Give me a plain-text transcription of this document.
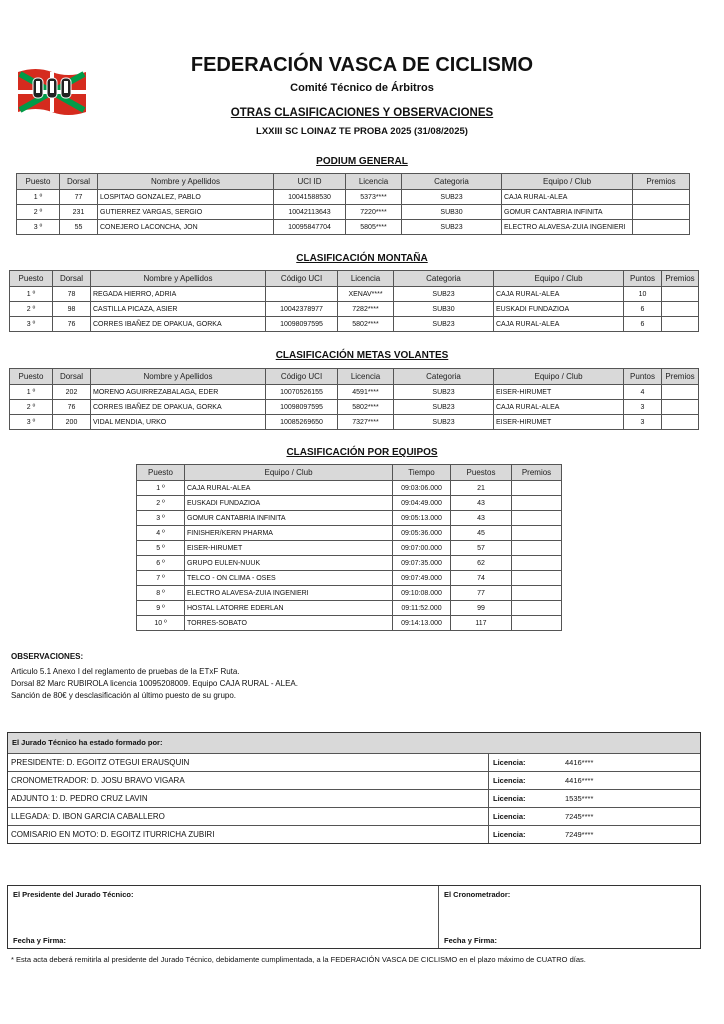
FEDERACIÓN VASCA DE CICLISMO
Comité Técnico de Árbitros
OTRAS CLASIFICACIONES Y OBSERVACIONES
LXXIII SC LOINAZ TE PROBA 2025 (31/08/2025)
PODIUM GENERAL
Puesto	Dorsal	Nombre y Apellidos	UCI ID	Licencia	Categoria	Equipo / Club	Premios
1 º	77	LOSPITAO GONZALEZ, PABLO	10041588530	5373****	SUB23	CAJA RURAL-ALEA	
2 º	231	GUTIERREZ VARGAS, SERGIO	10042113643	7220****	SUB30	GOMUR CANTABRIA INFINITA	
3 º	55	CONEJERO LACONCHA, JON	10095847704	5805****	SUB23	ELECTRO ALAVESA-ZUIA INGENIERI	
CLASIFICACIÓN MONTAÑA
Puesto	Dorsal	Nombre y Apellidos	Código UCI	Licencia	Categoria	Equipo / Club	Puntos	Premios
1 º	78	REGADA HIERRO, ADRIA		XENAV****	SUB23	CAJA RURAL-ALEA	10	
2 º	98	CASTILLA PICAZA, ASIER	10042378977	7282****	SUB30	EUSKADI FUNDAZIOA	6	
3 º	76	CORRES IBAÑEZ DE OPAKUA, GORKA	10098097595	5802****	SUB23	CAJA RURAL-ALEA	6	
CLASIFICACIÓN METAS VOLANTES
Puesto	Dorsal	Nombre y Apellidos	Código UCI	Licencia	Categoria	Equipo / Club	Puntos	Premios
1 º	202	MORENO AGUIRREZABALAGA, EDER	10070526155	4591****	SUB23	EISER-HIRUMET	4	
2 º	76	CORRES IBAÑEZ DE OPAKUA, GORKA	10098097595	5802****	SUB23	CAJA RURAL-ALEA	3	
3 º	200	VIDAL MENDIA, URKO	10085269650	7327****	SUB23	EISER-HIRUMET	3	
CLASIFICACIÓN POR EQUIPOS
Puesto	Equipo / Club	Tiempo	Puestos	Premios
1 º	CAJA RURAL-ALEA	09:03:06.000	21	
2 º	EUSKADI FUNDAZIOA	09:04:49.000	43	
3 º	GOMUR CANTABRIA INFINITA	09:05:13.000	43	
4 º	FINISHER/KERN PHARMA	09:05:36.000	45	
5 º	EISER-HIRUMET	09:07:00.000	57	
6 º	GRUPO EULEN-NUUK	09:07:35.000	62	
7 º	TELCO - ON CLIMA - OSES	09:07:49.000	74	
8 º	ELECTRO ALAVESA-ZUIA INGENIERI	09:10:08.000	77	
9 º	HOSTAL LATORRE EDERLAN	09:11:52.000	99	
10 º	TORRES-SOBATO	09:14:13.000	117	
OBSERVACIONES:
Articulo 5.1 Anexo I del reglamento de pruebas de la ETxF Ruta.
Dorsal 82 Marc RUBIROLA licencia 10095208009. Equipo CAJA RURAL - ALEA.
Sanción de 80€ y desclasificación al último puesto de su grupo.
El Jurado Técnico ha estado formado por:
PRESIDENTE: D. EGOITZ OTEGUI ERAUSQUIN	Licencia:	4416****
CRONOMETRADOR: D. JOSU BRAVO VIGARA	Licencia:	4416****
ADJUNTO 1: D. PEDRO CRUZ LAVIN	Licencia:	1535****
LLEGADA: D. IBON GARCIA CABALLERO	Licencia:	7245****
COMISARIO EN MOTO: D. EGOITZ ITURRICHA ZUBIRI	Licencia:	7249****
El Presidente del Jurado Técnico:
Fecha y Firma:
El Cronometrador:
Fecha y Firma:
* Esta acta deberá remitirla al presidente del Jurado Técnico, debidamente cumplimentada, a la FEDERACIÓN VASCA DE CICLISMO en el plazo máximo de CUATRO días.
